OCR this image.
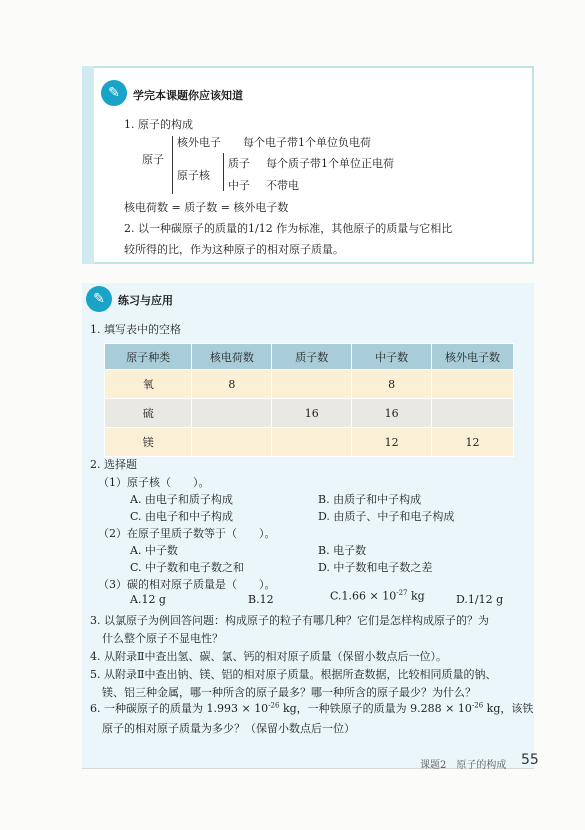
✎	学完本课题你应该知道
1. 原子的构成
原子
核外电子 每个电子带1个单位负电荷
原子核
质子 每个质子带1个单位正电荷
中子 不带电
核电荷数 = 质子数 = 核外电子数
2. 以一种碳原子的质量的1/12 作为标准，其他原子的质量与它相比
较所得的比，作为这种原子的相对原子质量。
✎	练习与应用
1. 填写表中的空格
原子种类	核电荷数	质子数	中子数	核外电子数
氧	8		8	
硫		16	16	
镁			12	12
2. 选择题
（1）原子核（　　）。
A. 由电子和质子构成	B. 由质子和中子构成
C. 由电子和中子构成	D. 由质子、中子和电子构成
（2）在原子里质子数等于（　　）。
A. 中子数	B. 电子数
C. 中子数和电子数之和	D. 中子数和电子数之差
（3）碳的相对原子质量是（　　）。
A.12 g	B.12	$C.1.66 \times 10^{-27}$ kg	D.1/12 g
3. 以氯原子为例回答问题：构成原子的粒子有哪几种？它们是怎样构成原子的？为
什么整个原子不显电性？
4. 从附录Ⅱ中查出氢、碳、氯、钙的相对原子质量（保留小数点后一位）。
5. 从附录Ⅱ中查出钠、镁、铝的相对原子质量。根据所查数据，比较相同质量的钠、
镁、铝三种金属，哪一种所含的原子最多？哪一种所含的原子最少？为什么？
6. 一种碳原子的质量为 $1.993 \times 10^{-26}$ kg，一种铁原子的质量为 $9.288 \times 10^{-26}$ kg，该铁
原子的相对原子质量为多少？（保留小数点后一位）
课题2　原子的构成 55
